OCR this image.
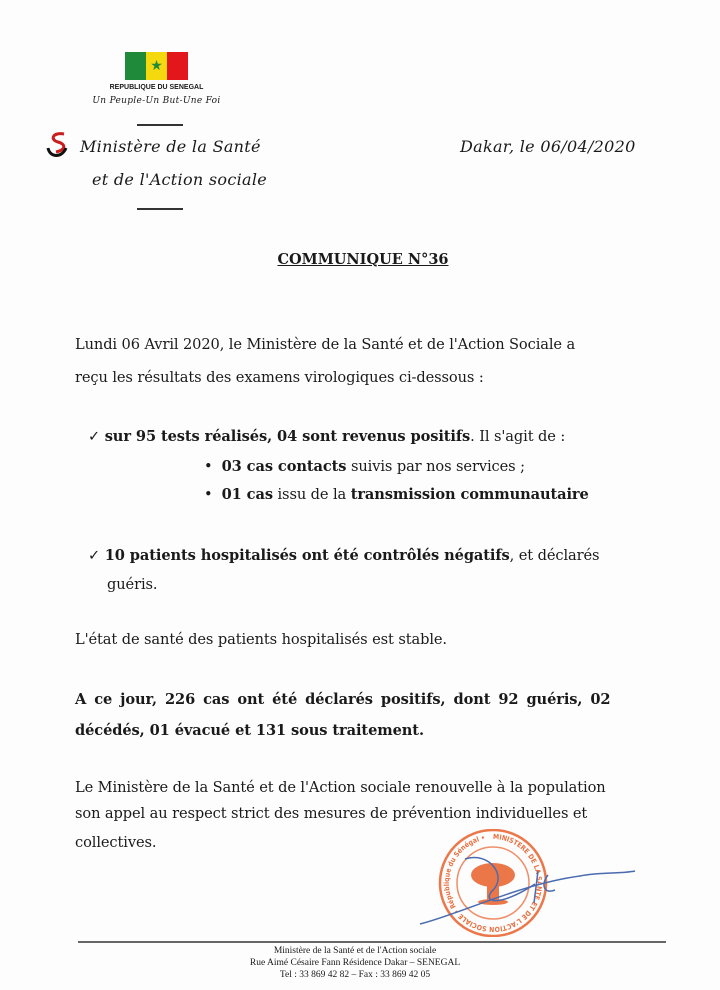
★
REPUBLIQUE DU SENEGAL
Un Peuple-Un But-Une Foi
Ministère de la Santé
et de l'Action sociale
Dakar, le 06/04/2020
COMMUNIQUE N°36
Lundi 06 Avril 2020, le Ministère de la Santé et de l'Action Sociale a
reçu les résultats des examens virologiques ci-dessous :
✓ sur 95 tests réalisés, 04 sont revenus positifs. Il s'agit de :
• 03 cas contacts suivis par nos services ;
• 01 cas issu de la transmission communautaire
✓ 10 patients hospitalisés ont été contrôlés négatifs, et déclarés
guéris.
L'état de santé des patients hospitalisés est stable.
A ce jour, 226 cas ont été déclarés positifs, dont 92 guéris, 02
décédés, 01 évacué et 131 sous traitement.
Le Ministère de la Santé et de l'Action sociale renouvelle à la population
son appel au respect strict des mesures de prévention individuelles et
collectives.	MINISTERE DE LA SANTE ET DE L'ACTION SOCIALE • République du Sénégal •
Ministère de la Santé et de l'Action sociale
Rue Aimé Césaire Fann Résidence Dakar – SENEGAL
Tel : 33 869 42 82 – Fax : 33 869 42 05
